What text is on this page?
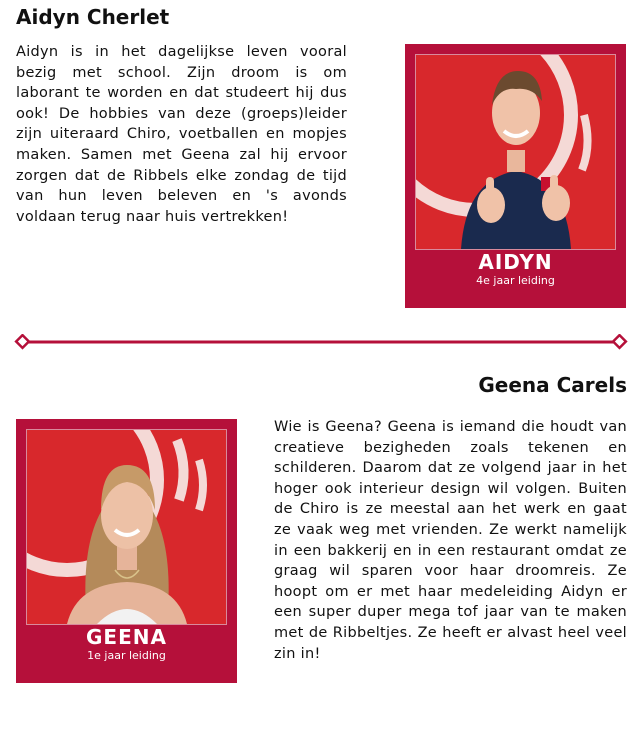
Aidyn Cherlet

Aidyn is in het dagelijkse leven vooral bezig met school. Zijn droom is om laborant te worden en dat studeert hij dus ook! De hobbies van deze (groeps)leider zijn uiteraard Chiro, voetballen en mopjes maken. Samen met Geena zal hij ervoor zorgen dat de Ribbels elke zondag de tijd van hun leven beleven en 's avonds voldaan terug naar huis vertrekken!

AIDYN
4e jaar leiding
Geena Carels
GEENA
1e jaar leiding

Wie is Geena? Geena is iemand die houdt van creatieve bezigheden zoals tekenen en schilderen. Daarom dat ze volgend jaar in het hoger ook interieur design wil volgen. Buiten de Chiro is ze meestal aan het werk en gaat ze vaak weg met vrienden. Ze werkt namelijk in een bakkerij en in een restaurant omdat ze graag wil sparen voor haar droomreis. Ze hoopt om er met haar medeleiding Aidyn er een super duper mega tof jaar van te maken met de Ribbeltjes. Ze heeft er alvast heel veel zin in!
